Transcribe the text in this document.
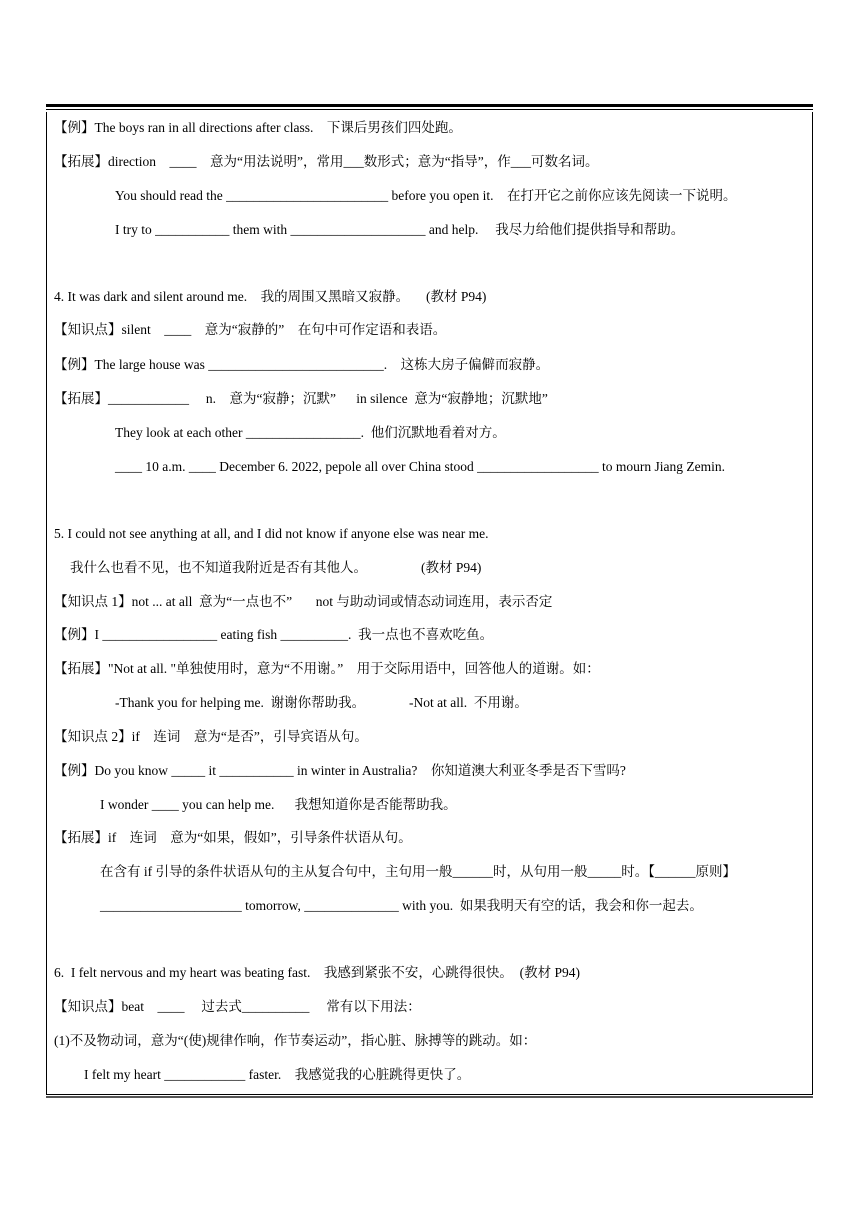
【例】The boys ran in all directions after class.    下课后男孩们四处跑。
【拓展】direction    ____    意为“用法说明”，常用___数形式；意为“指导”，作___可数名词。
You should read the ________________________ before you open it.    在打开它之前你应该先阅读一下说明。
I try to ___________ them with ____________________ and help.     我尽力给他们提供指导和帮助。
4. It was dark and silent around me.    我的周围又黑暗又寂静。     (教材 P94)
【知识点】silent    ____    意为“寂静的”    在句中可作定语和表语。
【例】The large house was __________________________.    这栋大房子偏僻而寂静。
【拓展】____________     n.    意为“寂静；沉默”      in silence  意为“寂静地；沉默地”
They look at each other _________________.  他们沉默地看着对方。
____ 10 a.m. ____ December 6. 2022, pepole all over China stood __________________ to mourn Jiang Zemin.
5. I could not see anything at all, and I did not know if anyone else was near me.
我什么也看不见，也不知道我附近是否有其他人。                (教材 P94)
【知识点 1】not ... at all  意为“一点也不”       not 与助动词或情态动词连用，表示否定
【例】I _________________ eating fish __________.  我一点也不喜欢吃鱼。
【拓展】"Not at all. "单独使用时，意为“不用谢。”    用于交际用语中，回答他人的道谢。如：
-Thank you for helping me.  谢谢你帮助我。             -Not at all.  不用谢。
【知识点 2】if    连词    意为“是否”，引导宾语从句。
【例】Do you know _____ it ___________ in winter in Australia?    你知道澳大利亚冬季是否下雪吗?
I wonder ____ you can help me.      我想知道你是否能帮助我。
【拓展】if    连词    意为“如果，假如”，引导条件状语从句。
在含有 if 引导的条件状语从句的主从复合句中，主句用一般______时，从句用一般_____时。【______原则】
_____________________ tomorrow, ______________ with you.  如果我明天有空的话，我会和你一起去。
6.  I felt nervous and my heart was beating fast.    我感到紧张不安，心跳得很快。  (教材 P94)
【知识点】beat    ____     过去式__________     常有以下用法：
(1)不及物动词，意为“(使)规律作响，作节奏运动”，指心脏、脉搏等的跳动。如：
I felt my heart ____________ faster.    我感觉我的心脏跳得更快了。
